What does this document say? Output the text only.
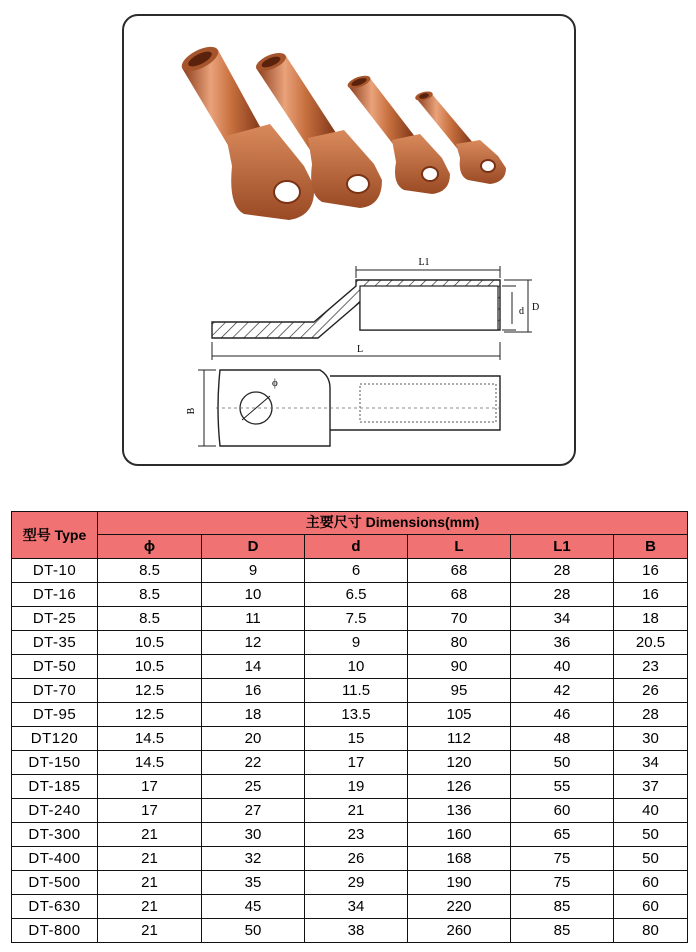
L1
d D
L
ϕ
B
型号 Type	主要尺寸 Dimensions(mm)					
	ϕ	D	d	L	L1	B
DT-10	8.5	9	6	68	28	16
DT-16	8.5	10	6.5	68	28	16
DT-25	8.5	11	7.5	70	34	18
DT-35	10.5	12	9	80	36	20.5
DT-50	10.5	14	10	90	40	23
DT-70	12.5	16	11.5	95	42	26
DT-95	12.5	18	13.5	105	46	28
DT120	14.5	20	15	112	48	30
DT-150	14.5	22	17	120	50	34
DT-185	17	25	19	126	55	37
DT-240	17	27	21	136	60	40
DT-300	21	30	23	160	65	50
DT-400	21	32	26	168	75	50
DT-500	21	35	29	190	75	60
DT-630	21	45	34	220	85	60
DT-800	21	50	38	260	85	80
